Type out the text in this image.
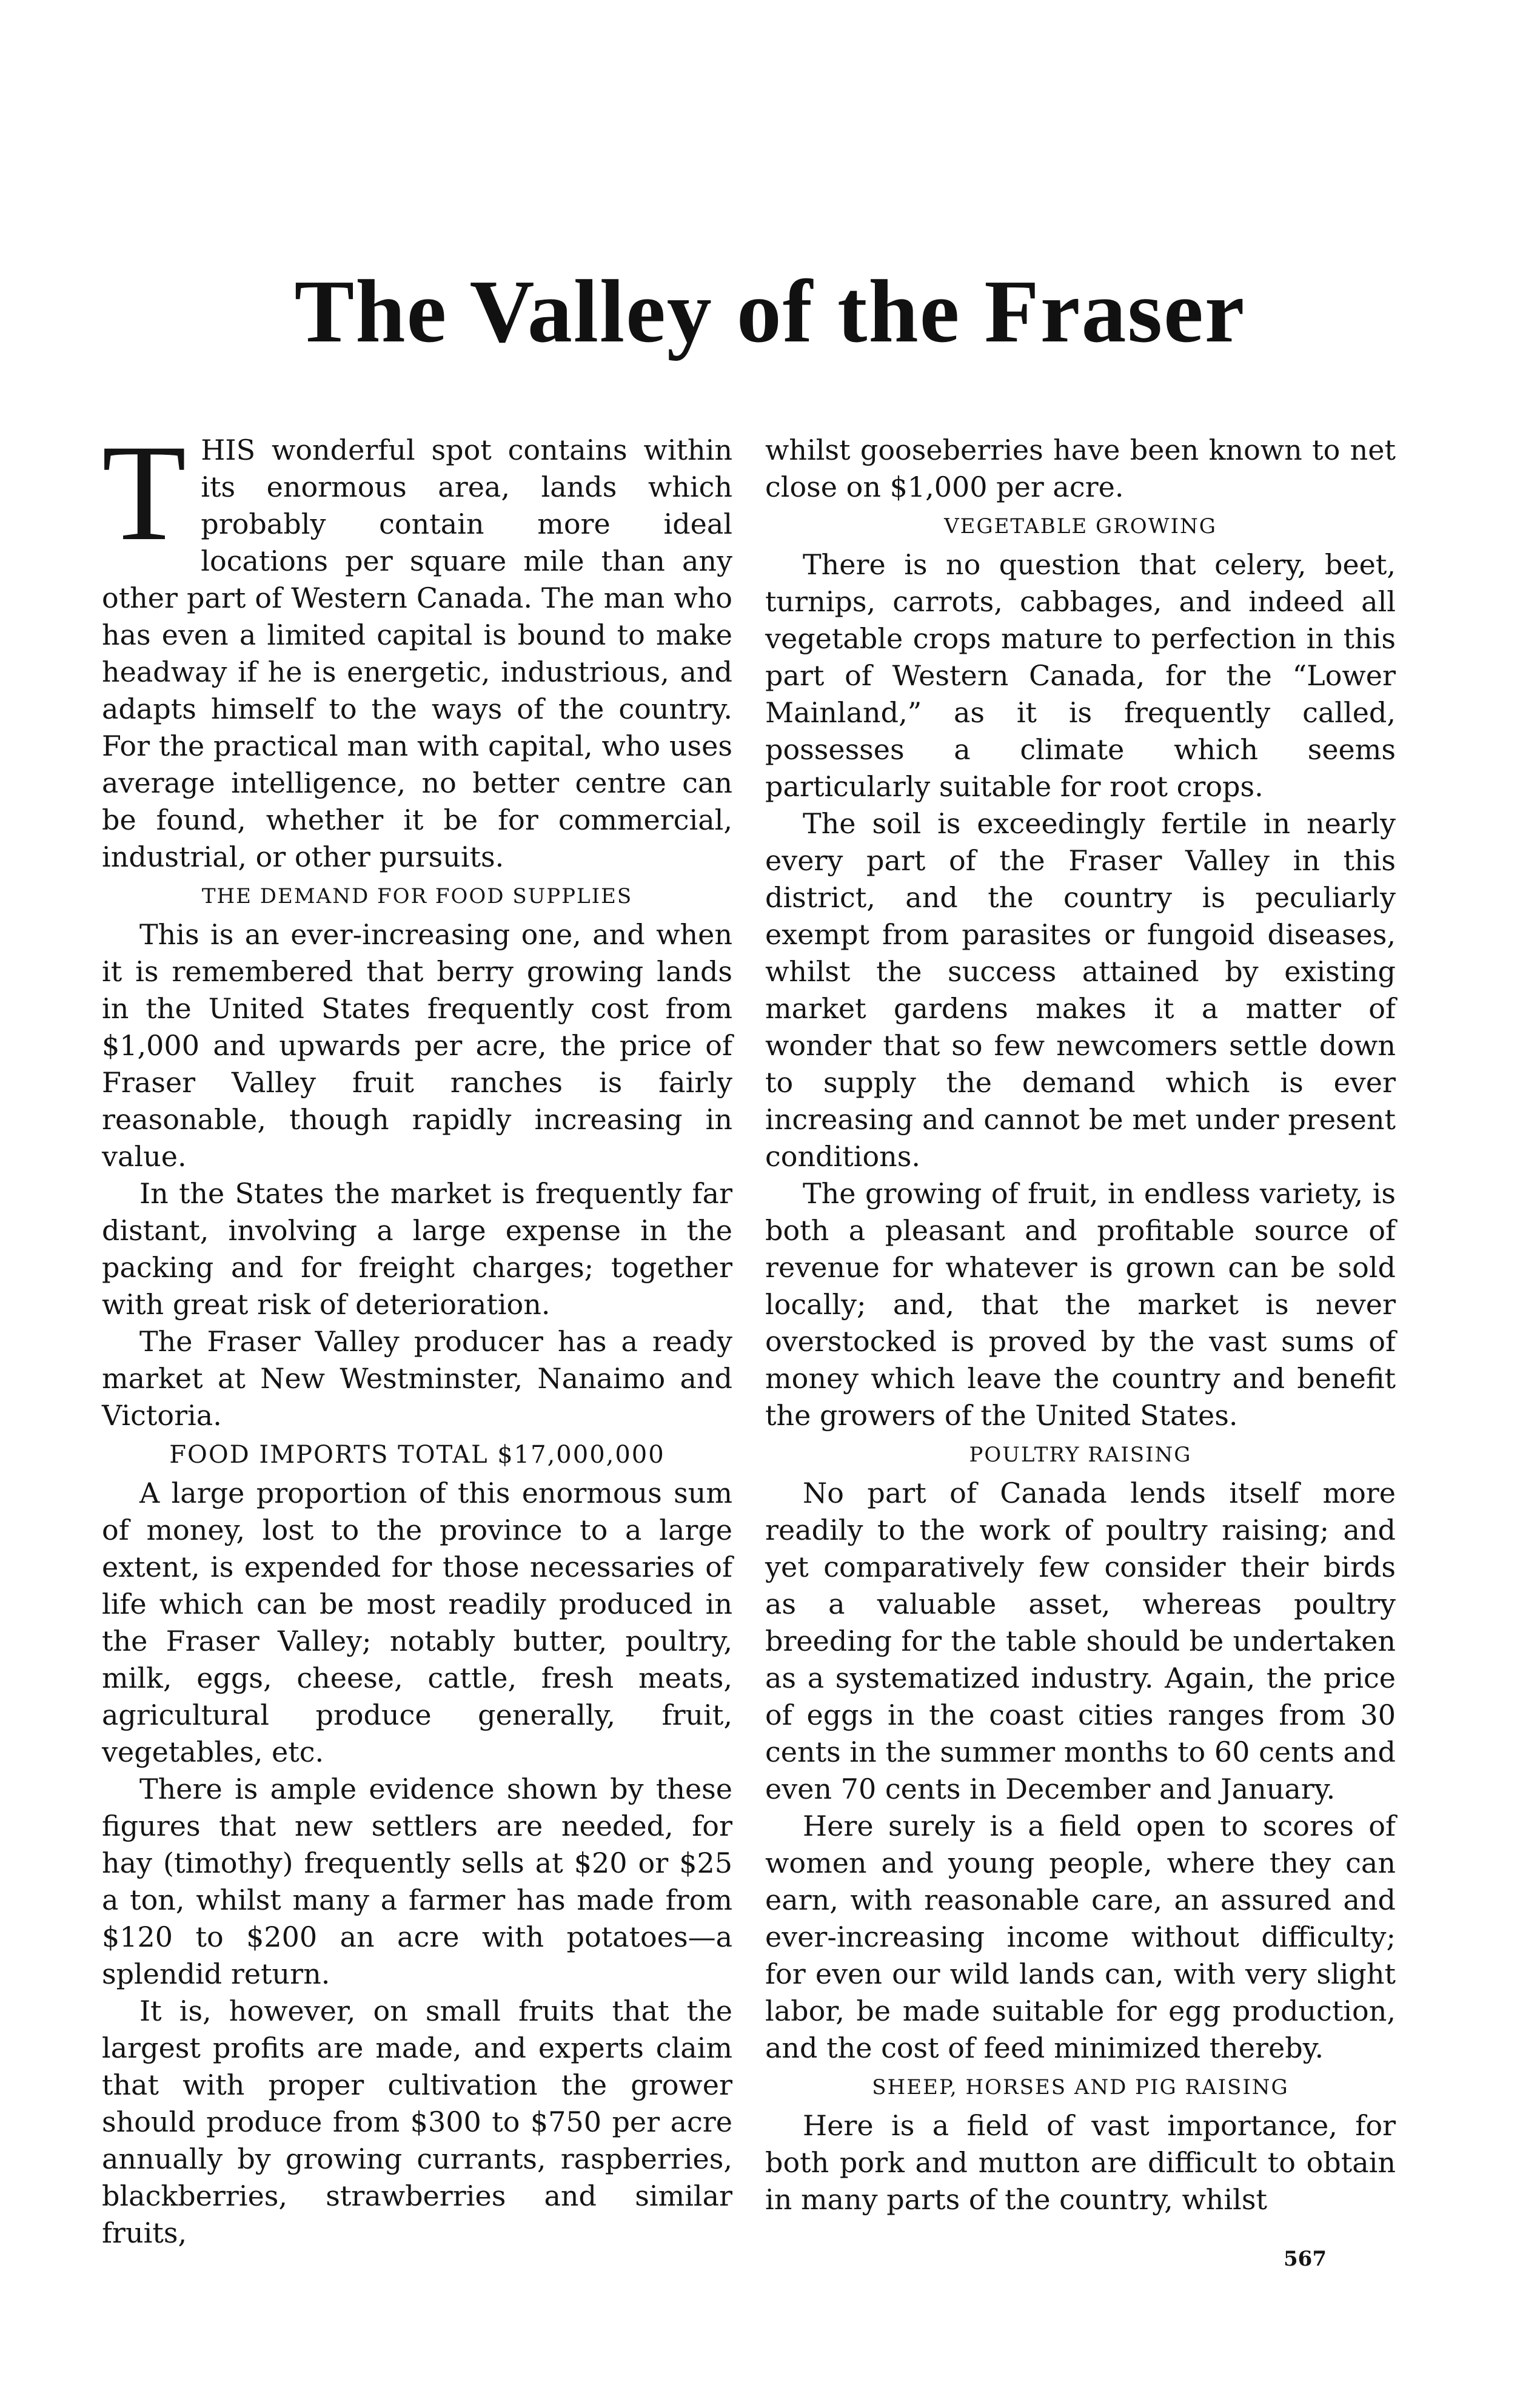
The Valley of the Fraser

THIS wonderful spot contains within its enormous area, lands which probably contain more ideal locations per square mile than any other part of Western Canada. The man who has even a limited capital is bound to make headway if he is energetic, industrious, and adapts himself to the ways of the country. For the practical man with capital, who uses average intelligence, no better centre can be found, whether it be for commercial, industrial, or other pursuits.

THE DEMAND FOR FOOD SUPPLIES

This is an ever-increasing one, and when it is remembered that berry growing lands in the United States frequently cost from $1,000 and upwards per acre, the price of Fraser Valley fruit ranches is fairly reasonable, though rapidly increasing in value.

In the States the market is frequently far distant, involving a large expense in the packing and for freight charges; together with great risk of deterioration.

The Fraser Valley producer has a ready market at New Westminster, Nanaimo and Victoria.

FOOD IMPORTS TOTAL $17,000,000

A large proportion of this enormous sum of money, lost to the province to a large extent, is expended for those necessaries of life which can be most readily produced in the Fraser Valley; notably butter, poultry, milk, eggs, cheese, cattle, fresh meats, agricultural produce generally, fruit, vegetables, etc.

There is ample evidence shown by these figures that new settlers are needed, for hay (timothy) frequently sells at $20 or $25 a ton, whilst many a farmer has made from $120 to $200 an acre with potatoes—a splendid return.

It is, however, on small fruits that the largest profits are made, and experts claim that with proper cultivation the grower should produce from $300 to $750 per acre annually by growing currants, raspberries, blackberries, strawberries and similar fruits,

whilst gooseberries have been known to net close on $1,000 per acre.

VEGETABLE GROWING

There is no question that celery, beet, turnips, carrots, cabbages, and indeed all vegetable crops mature to perfection in this part of Western Canada, for the “Lower Mainland,” as it is frequently called, possesses a climate which seems particularly suitable for root crops.

The soil is exceedingly fertile in nearly every part of the Fraser Valley in this district, and the country is peculiarly exempt from parasites or fungoid diseases, whilst the success attained by existing market gardens makes it a matter of wonder that so few newcomers settle down to supply the demand which is ever increasing and cannot be met under present conditions.

The growing of fruit, in endless variety, is both a pleasant and profitable source of revenue for whatever is grown can be sold locally; and, that the market is never overstocked is proved by the vast sums of money which leave the country and benefit the growers of the United States.

POULTRY RAISING

No part of Canada lends itself more readily to the work of poultry raising; and yet comparatively few consider their birds as a valuable asset, whereas poultry breeding for the table should be undertaken as a systematized industry. Again, the price of eggs in the coast cities ranges from 30 cents in the summer months to 60 cents and even 70 cents in December and January.

Here surely is a field open to scores of women and young people, where they can earn, with reasonable care, an assured and ever-increasing income without difficulty; for even our wild lands can, with very slight labor, be made suitable for egg production, and the cost of feed minimized thereby.

SHEEP, HORSES AND PIG RAISING

Here is a field of vast importance, for both pork and mutton are difficult to obtain in many parts of the country, whilst

567
